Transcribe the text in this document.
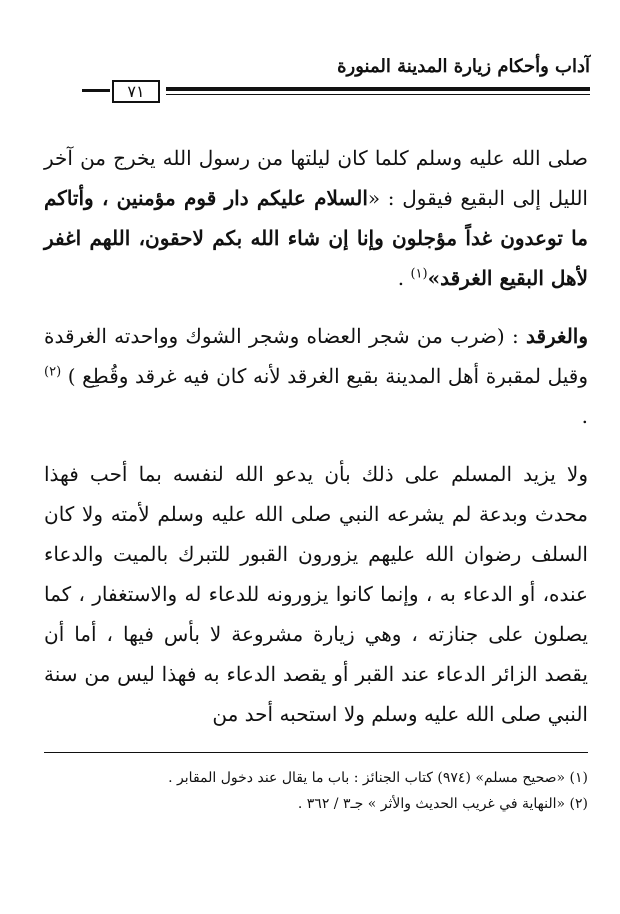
٧١
آداب وأحكام زيارة المدينة المنورة

صلى الله عليه وسلم كلما كان ليلتها من رسول الله يخرج من آخر الليل إلى البقيع فيقول : «السلام عليكم دار قوم مؤمنين ، وأتاكم ما توعدون غداً مؤجلون وإنا إن شاء الله بكم لاحقون، اللهم اغفر لأهل البقيع الغرقد»$^{(١)}$ .

والغرقد : (ضرب من شجر العضاه وشجر الشوك وواحدته الغرقدة وقيل لمقبرة أهل المدينة بقيع الغرقد لأنه كان فيه غرقد وقُطِع ) $^{(٢)}$ .

ولا يزيد المسلم على ذلك بأن يدعو الله لنفسه بما أحب فهذا محدث وبدعة لم يشرعه النبي صلى الله عليه وسلم لأمته ولا كان السلف رضوان الله عليهم يزورون القبور للتبرك بالميت والدعاء عنده، أو الدعاء به ، وإنما كانوا يزورونه للدعاء له والاستغفار ، كما يصلون على جنازته ، وهي زيارة مشروعة لا بأس فيها ، أما أن يقصد الزائر الدعاء عند القبر أو يقصد الدعاء به فهذا ليس من سنة النبي صلى الله عليه وسلم ولا استحبه أحد من

(١) «صحيح مسلم» (٩٧٤) كتاب الجنائز : باب ما يقال عند دخول المقابر .

(٢) «النهاية في غريب الحديث والأثر » جـ٣ / ٣٦٢ .
